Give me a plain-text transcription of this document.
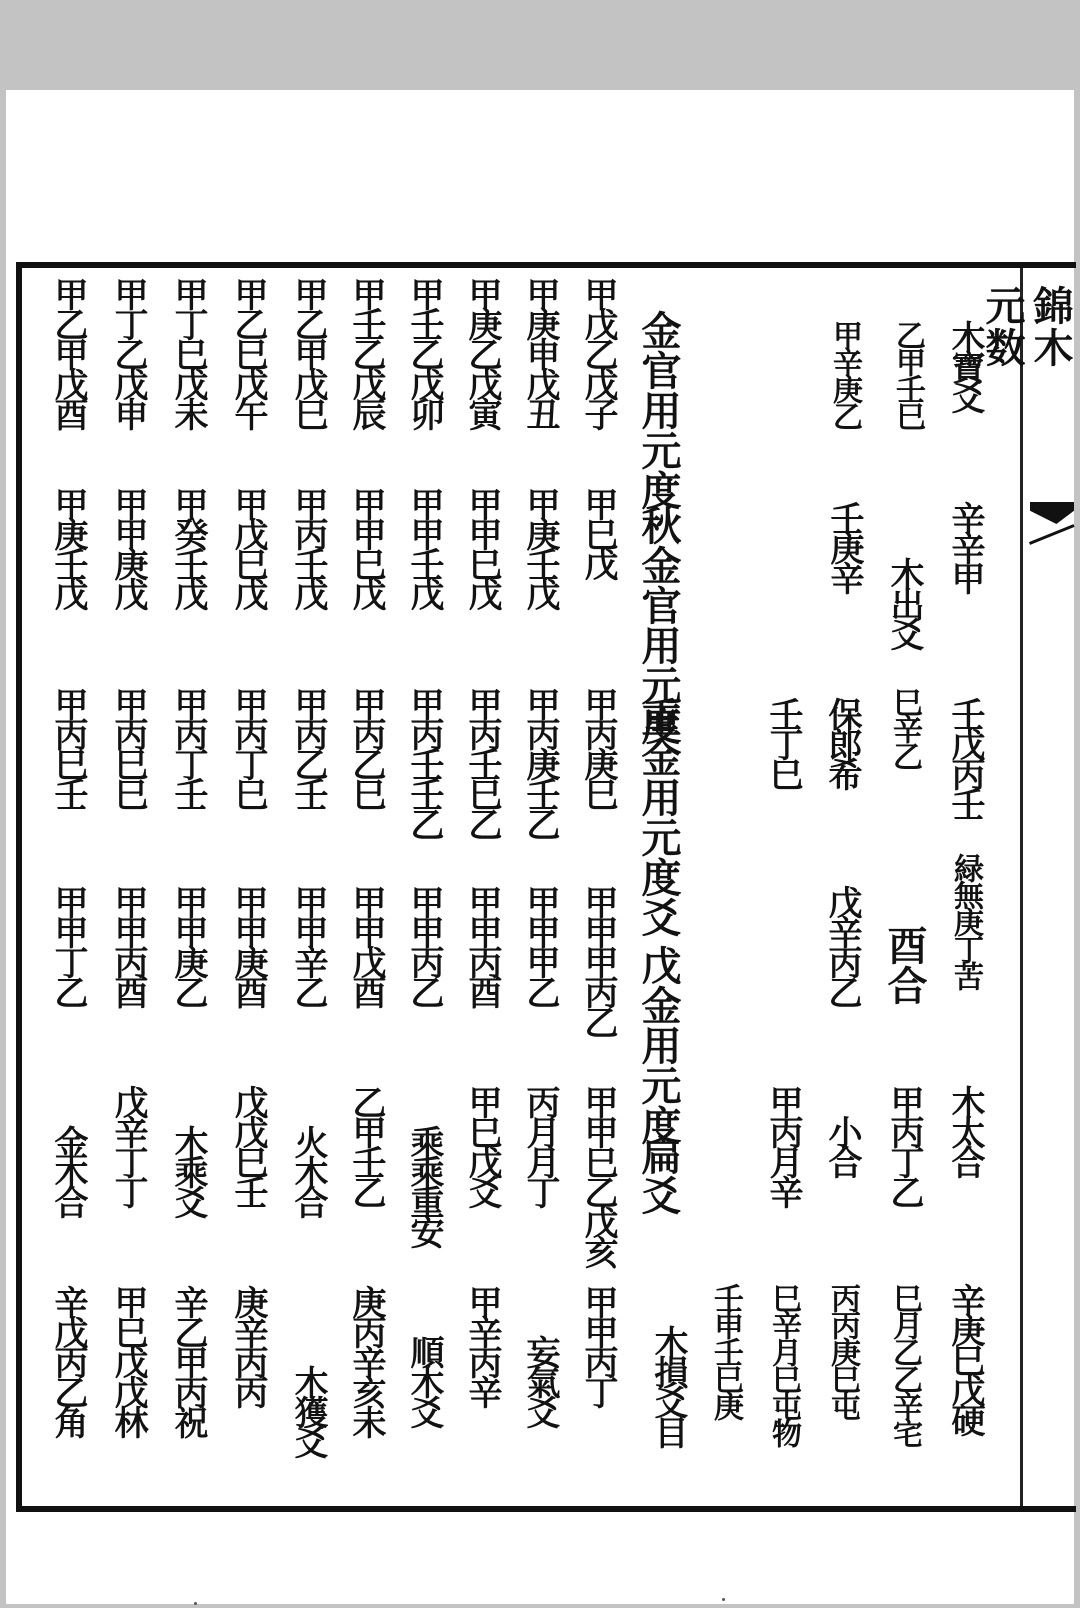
錦木元数
木寶爻
乙甲壬巳
甲辛庚乙
辛辛甲
木出爻
壬庚辛
壬戊丙壬
巳辛乙
保郎希
壬丁巳
緑無庚丁苦
酉合
戊辛丙乙
木太合
甲丙丁乙
小合
甲丙月辛
辛庚巳戊硬
巳月乙乙辛宅
丙丙庚巳屯
巳辛月巳屯物
壬申壬巳庚
金官用元度
甲戊乙戊子
甲庚申戊丑
甲庚乙戊寅
甲壬乙戊卯
甲壬乙戊辰
甲乙甲戊巳
甲乙巳戊午
甲丁巳戊未
甲丁乙戊申
甲乙甲戊酉
秋金官用元度
甲巳戊
甲庚壬戊
甲甲巳戊
甲甲壬戊
甲甲巳戊
甲丙壬戊
甲戊巳戊
甲癸壬戊
甲甲庚戊
甲庚壬戊
重金用元度爻
甲丙庚巳
甲丙庚壬乙
甲丙壬巳乙
甲丙壬壬乙
甲丙乙巳
甲丙乙壬
甲丙丁巳
甲丙丁壬
甲丙巳巳
甲丙巳壬
戊金用元度
甲甲甲丙乙
甲甲甲乙
甲甲丙酉
甲甲丙乙
甲甲戊酉
甲甲辛乙
甲甲庚酉
甲甲庚乙
甲甲丙酉
甲甲丁乙
扁爻
甲甲巳乙戊亥
丙月月丁
甲巳戊爻
乘乘重安
乙甲壬乙
火木合
戊戊巳壬
木乘爻
戊辛丁丁
金木合
木損爻目
甲甲丙丁
妄氣爻
甲辛丙辛
順木爻
庚丙辛亥未
木獲爻
庚辛丙丙
辛乙甲丙祝
甲巳戊戊林
辛戊丙乙角
